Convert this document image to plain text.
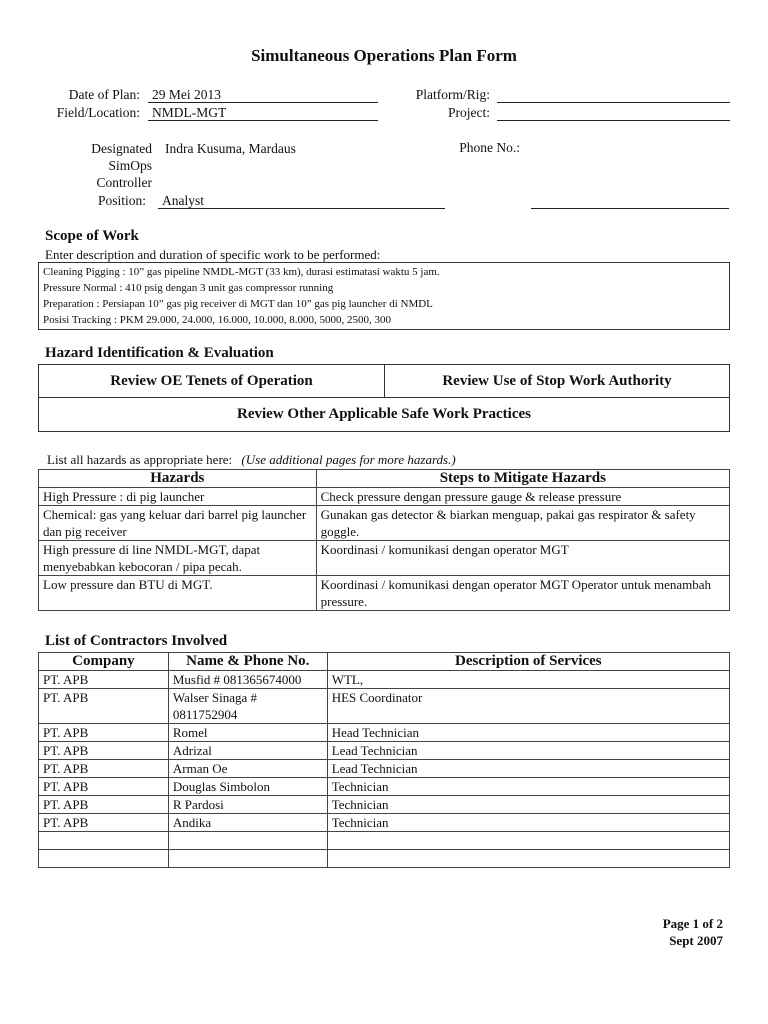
Simultaneous Operations Plan Form
Date of Plan: 29 Mei 2013
Field/Location: NMDL-MGT
Platform/Rig:
Project:
Designated
SimOps
Controller
Indra Kusuma, Mardaus	Phone No.:
Position: Analyst
Scope of Work
Enter description and duration of specific work to be performed:
Cleaning Pigging : 10” gas pipeline NMDL-MGT (33 km), durasi estimatasi waktu 5 jam.
Pressure Normal : 410 psig dengan 3 unit gas compressor running
Preparation : Persiapan 10” gas pig receiver di MGT dan 10” gas pig launcher di NMDL
Posisi Tracking : PKM 29.000, 24.000, 16.000, 10.000, 8.000, 5000, 2500, 300
Hazard Identification & Evaluation
Review OE Tenets of Operation	Review Use of Stop Work Authority
Review Other Applicable Safe Work Practices
List all hazards as appropriate here: (Use additional pages for more hazards.)
Hazards	Steps to Mitigate Hazards
High Pressure : di pig launcher	Check pressure dengan pressure gauge & release pressure
Chemical: gas yang keluar dari barrel pig launcher dan pig receiver	Gunakan gas detector & biarkan menguap, pakai gas respirator & safety goggle.
High pressure di line NMDL-MGT, dapat menyebabkan kebocoran / pipa pecah.	Koordinasi / komunikasi dengan operator MGT
Low pressure dan BTU di MGT.	Koordinasi / komunikasi dengan operator MGT Operator untuk menambah pressure.
List of Contractors Involved
Company	Name & Phone No.	Description of Services
PT. APB	Musfid # 081365674000	WTL,
PT. APB	Walser Sinaga # 0811752904	HES Coordinator
PT. APB	Romel	Head Technician
PT. APB	Adrizal	Lead Technician
PT. APB	Arman Oe	Lead Technician
PT. APB	Douglas Simbolon	Technician
PT. APB	R Pardosi	Technician
PT. APB	Andika	Technician

Page 1 of 2
Sept 2007
